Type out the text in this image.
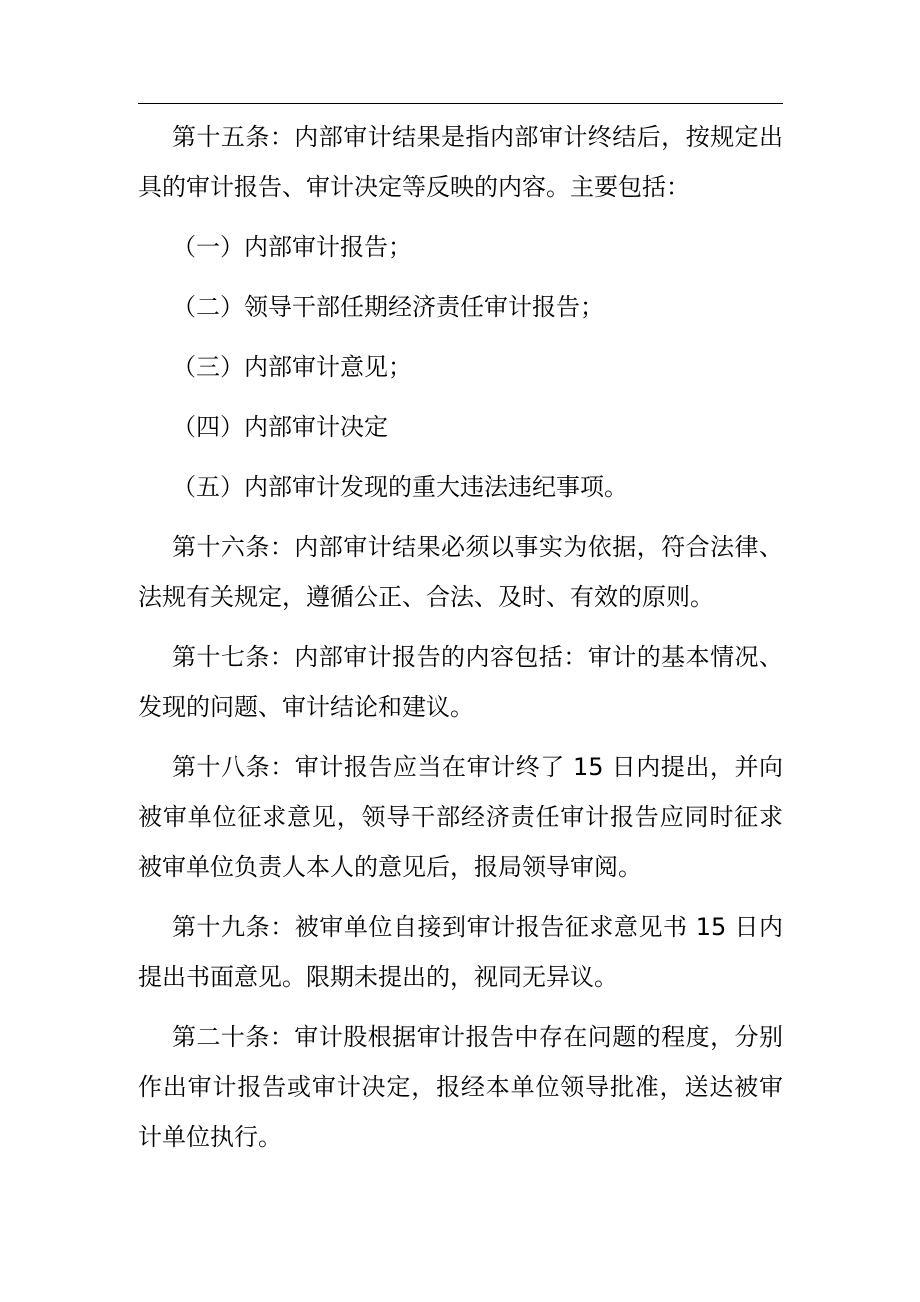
第十五条：内部审计结果是指内部审计终结后，按规定出具的审计报告、审计决定等反映的内容。主要包括：

（一）内部审计报告；

（二）领导干部任期经济责任审计报告；

（三）内部审计意见；

（四）内部审计决定

（五）内部审计发现的重大违法违纪事项。

第十六条：内部审计结果必须以事实为依据，符合法律、法规有关规定，遵循公正、合法、及时、有效的原则。

第十七条：内部审计报告的内容包括：审计的基本情况、发现的问题、审计结论和建议。

第十八条：审计报告应当在审计终了 15 日内提出，并向被审单位征求意见，领导干部经济责任审计报告应同时征求被审单位负责人本人的意见后，报局领导审阅。

第十九条：被审单位自接到审计报告征求意见书 15 日内提出书面意见。限期未提出的，视同无异议。

第二十条：审计股根据审计报告中存在问题的程度，分别作出审计报告或审计决定，报经本单位领导批准，送达被审计单位执行。
